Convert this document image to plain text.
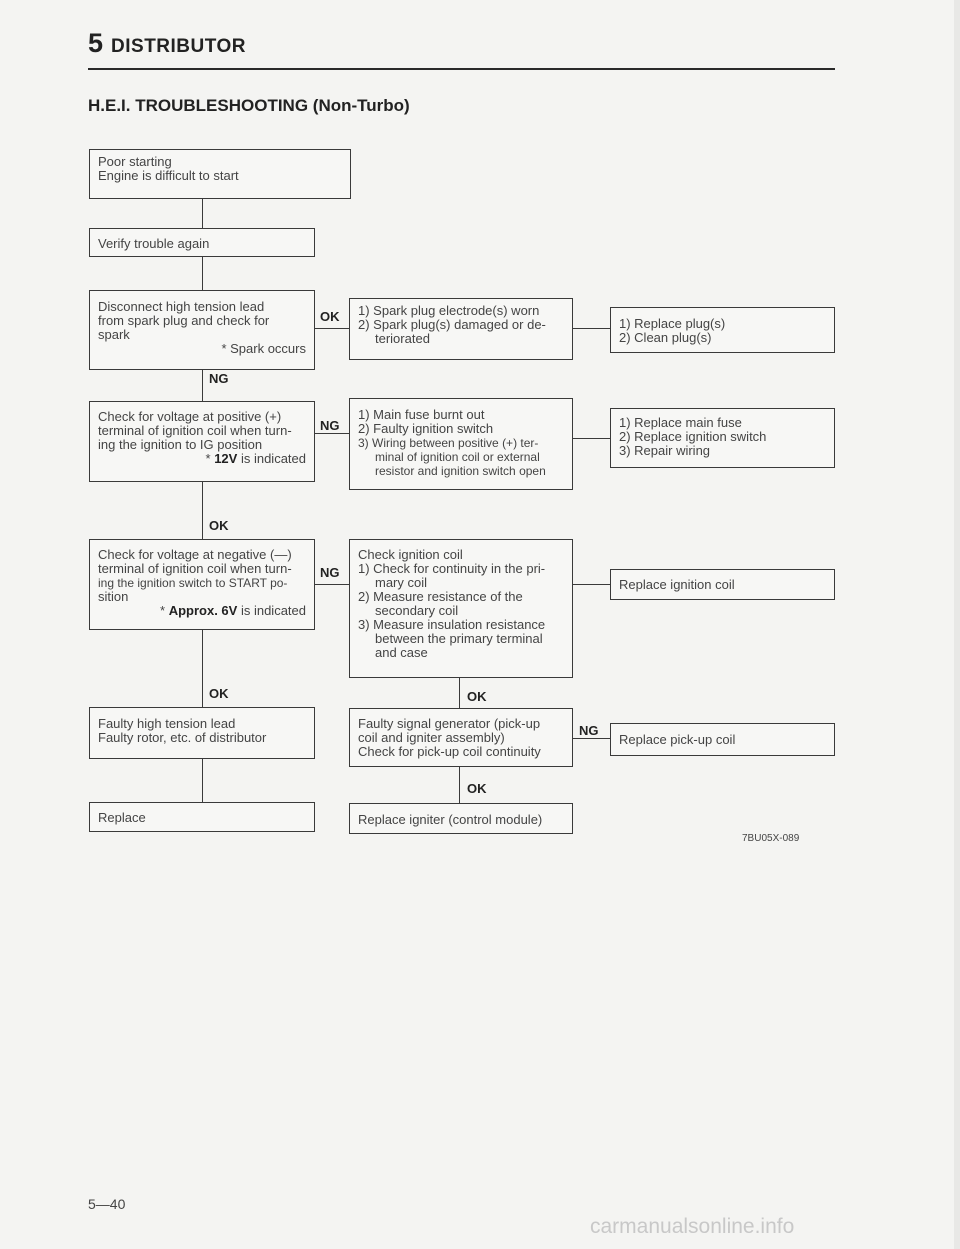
5 DISTRIBUTOR
H.E.I. TROUBLESHOOTING (Non-Turbo)
NG
OK
OK	OK
OK
OK
NG
NG
NG
Poor starting
Engine is difficult to start
Verify trouble again
Disconnect high tension lead
from spark plug and check for
spark
* Spark occurs
1) Spark plug electrode(s) worn
2) Spark plug(s) damaged or de-
teriorated
1) Replace plug(s)
2) Clean plug(s)
Check for voltage at positive (+)
terminal of ignition coil when turn-
ing the ignition to IG position
* 12V is indicated
1) Main fuse burnt out
2) Faulty ignition switch
3) Wiring between positive (+) ter-
minal of ignition coil or external
resistor and ignition switch open
1) Replace main fuse
2) Replace ignition switch
3) Repair wiring
Check for voltage at negative (—)
terminal of ignition coil when turn-
ing the ignition switch to START po-
sition
* Approx. 6V is indicated
Check ignition coil
1) Check for continuity in the pri-
mary coil
2) Measure resistance of the
secondary coil
3) Measure insulation resistance
between the primary terminal
and case
Replace ignition coil
Faulty high tension lead
Faulty rotor, etc. of distributor
Faulty signal generator (pick-up
coil and igniter assembly)
Check for pick-up coil continuity
Replace pick-up coil
Replace	Replace igniter (control module)
7BU05X-089
5—40
carmanualsonline.info
